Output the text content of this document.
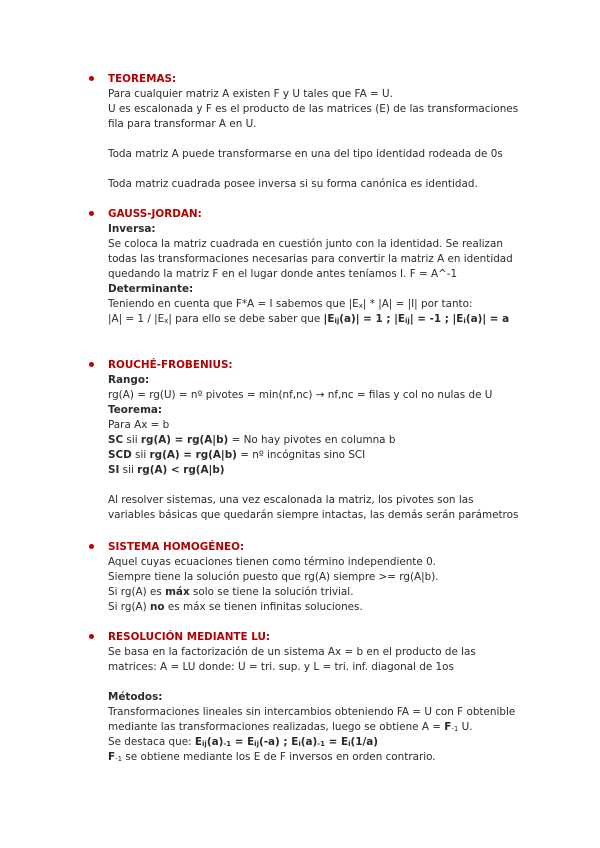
TEOREMAS:
Para cualquier matriz A existen F y U tales que FA = U.
U es escalonada y F es el producto de las matrices (E) de las transformaciones
fila para transformar A en U.
Toda matriz A puede transformarse en una del tipo identidad rodeada de 0s
Toda matriz cuadrada posee inversa si su forma canónica es identidad.
GAUSS-JORDAN:
Inversa:
Se coloca la matriz cuadrada en cuestión junto con la identidad. Se realizan
todas las transformaciones necesarias para convertir la matriz A en identidad
quedando la matriz F en el lugar donde antes teníamos I. F = A^-1
Determinante:
Teniendo en cuenta que F*A = I sabemos que |Ex| * |A| = |I| por tanto:
|A| = 1 / |Ex| para ello se debe saber que |Eij(a)| = 1 ; |Eij| = -1 ; |Ei(a)| = a
ROUCHÉ-FROBENIUS:
Rango:
rg(A) = rg(U) = nº pivotes = min(nf,nc) → nf,nc = filas y col no nulas de U
Teorema:
Para Ax = b
SC sii rg(A) = rg(A|b) = No hay pivotes en columna b
SCD sii rg(A) = rg(A|b) = nº incógnitas sino SCI
SI sii rg(A) < rg(A|b)
Al resolver sistemas, una vez escalonada la matriz, los pivotes son las
variables básicas que quedarán siempre intactas, las demás serán parámetros
SISTEMA HOMOGÉNEO:
Aquel cuyas ecuaciones tienen como término independiente 0.
Siempre tiene la solución puesto que rg(A) siempre >= rg(A|b).
Si rg(A) es máx solo se tiene la solución trivial.
Si rg(A) no es máx se tienen infinitas soluciones.
RESOLUCIÓN MEDIANTE LU:
Se basa en la factorización de un sistema Ax = b en el producto de las
matrices: A = LU donde: U = tri. sup. y L = tri. inf. diagonal de 1os
Métodos:
Transformaciones lineales sin intercambios obteniendo FA = U con F obtenible
mediante las transformaciones realizadas, luego se obtiene A = F-1 U.
Se destaca que: Eij(a)-1 = Eij(-a) ; Ei(a)-1 = Ei(1/a)
F-1 se obtiene mediante los E de F inversos en orden contrario.
